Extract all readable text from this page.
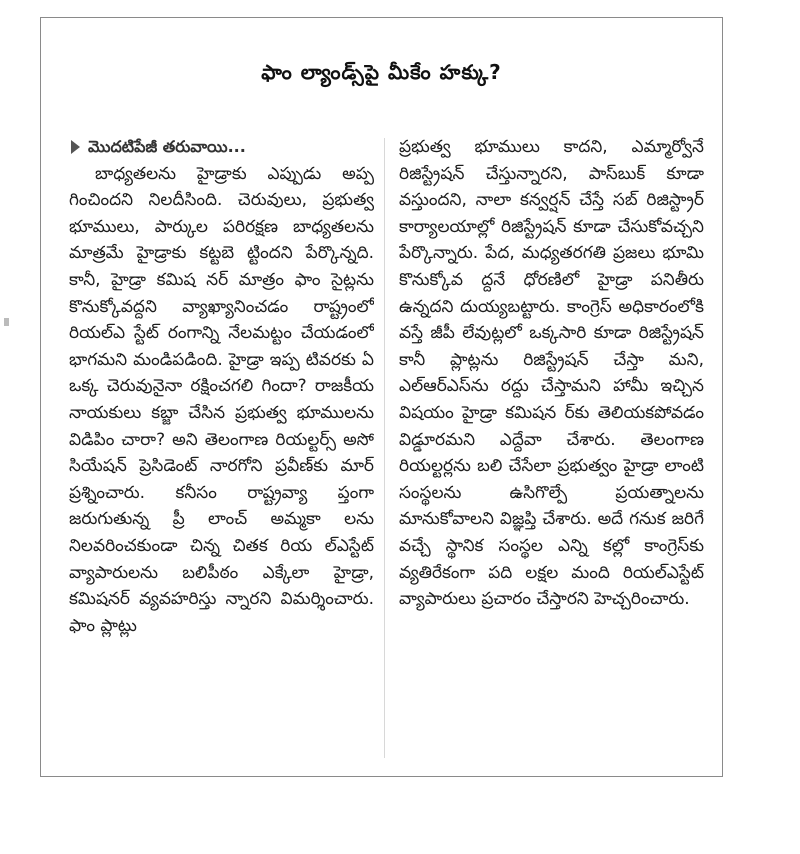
ఫాం ల్యాండ్స్‌పై మీకేం హక్కు?
మొదటిపేజీ తరువాయి...

బాధ్యతలను హైడ్రాకు ఎప్పుడు అప్ప గించిందని నిలదీసింది. చెరువులు, ప్రభుత్వ భూములు, పార్కుల పరిరక్షణ బాధ్యతలను మాత్రమే హైడ్రాకు కట్టబె ట్టిందని పేర్కొన్నది. కానీ, హైడ్రా కమిష నర్ మాత్రం ఫాం సైట్లను కొనుక్కోవద్దని వ్యాఖ్యానించడం రాష్ట్రంలో రియల్ఎ స్టేట్ రంగాన్ని నేలమట్టం చేయడంలో భాగమని మండిపడింది. హైడ్రా ఇప్ప టివరకు ఏ ఒక్క చెరువునైనా రక్షించగలి గిందా? రాజకీయ నాయకులు కబ్జా చేసిన ప్రభుత్వ భూములను విడిపిం చారా? అని తెలంగాణ రియల్టర్స్ అసో సియేషన్ ప్రెసిడెంట్ నారగోని ప్రవీణ్‌కు మార్ ప్రశ్నించారు. కనీసం రాష్ట్రవ్యా ప్తంగా జరుగుతున్న ప్రీ లాంచ్ అమ్మకా లను నిలవరించకుండా చిన్న చితక రియ ల్ఎస్టేట్ వ్యాపారులను బలిపీఠం ఎక్కేలా హైడ్రా, కమిషనర్ వ్యవహరిస్తు న్నారని విమర్శించారు. ఫాం ప్లాట్లు

ప్రభుత్వ భూములు కాదని, ఎమ్మార్వోనే రిజిస్ట్రేషన్ చేస్తున్నారని, పాస్‌బుక్ కూడా వస్తుందని, నాలా కన్వర్షన్ చేస్తే సబ్ రిజిస్ట్రార్ కార్యాలయాల్లో రిజిస్ట్రేషన్ కూడా చేసుకోవచ్చని పేర్కొన్నారు. పేద, మధ్యతరగతి ప్రజలు భూమి కొనుక్కోవ ద్దనే ధోరణిలో హైడ్రా పనితీరు ఉన్నదని దుయ్యబట్టారు. కాంగ్రెస్ అధికారంలోకి వస్తే జీపీ లేవుట్లలో ఒక్కసారి కూడా రిజిస్ట్రేషన్ కానీ ప్లాట్లను రిజిస్ట్రేషన్ చేస్తా మని, ఎల్ఆర్ఎస్‌ను రద్దు చేస్తామని హామీ ఇచ్చిన విషయం హైడ్రా కమిషన ర్‌కు తెలియకపోవడం విడ్డూరమని ఎద్దేవా చేశారు. తెలంగాణ రియల్టర్లను బలి చేసేలా ప్రభుత్వం హైడ్రా లాంటి సంస్థలను ఉసిగొల్పే ప్రయత్నాలను మానుకోవాలని విజ్ఞప్తి చేశారు. అదే గనుక జరిగే వచ్చే స్థానిక సంస్థల ఎన్ని కల్లో కాంగ్రెస్‌కు వ్యతిరేకంగా పది లక్షల మంది రియల్ఎస్టేట్ వ్యాపారులు ప్రచారం చేస్తారని హెచ్చరించారు.
